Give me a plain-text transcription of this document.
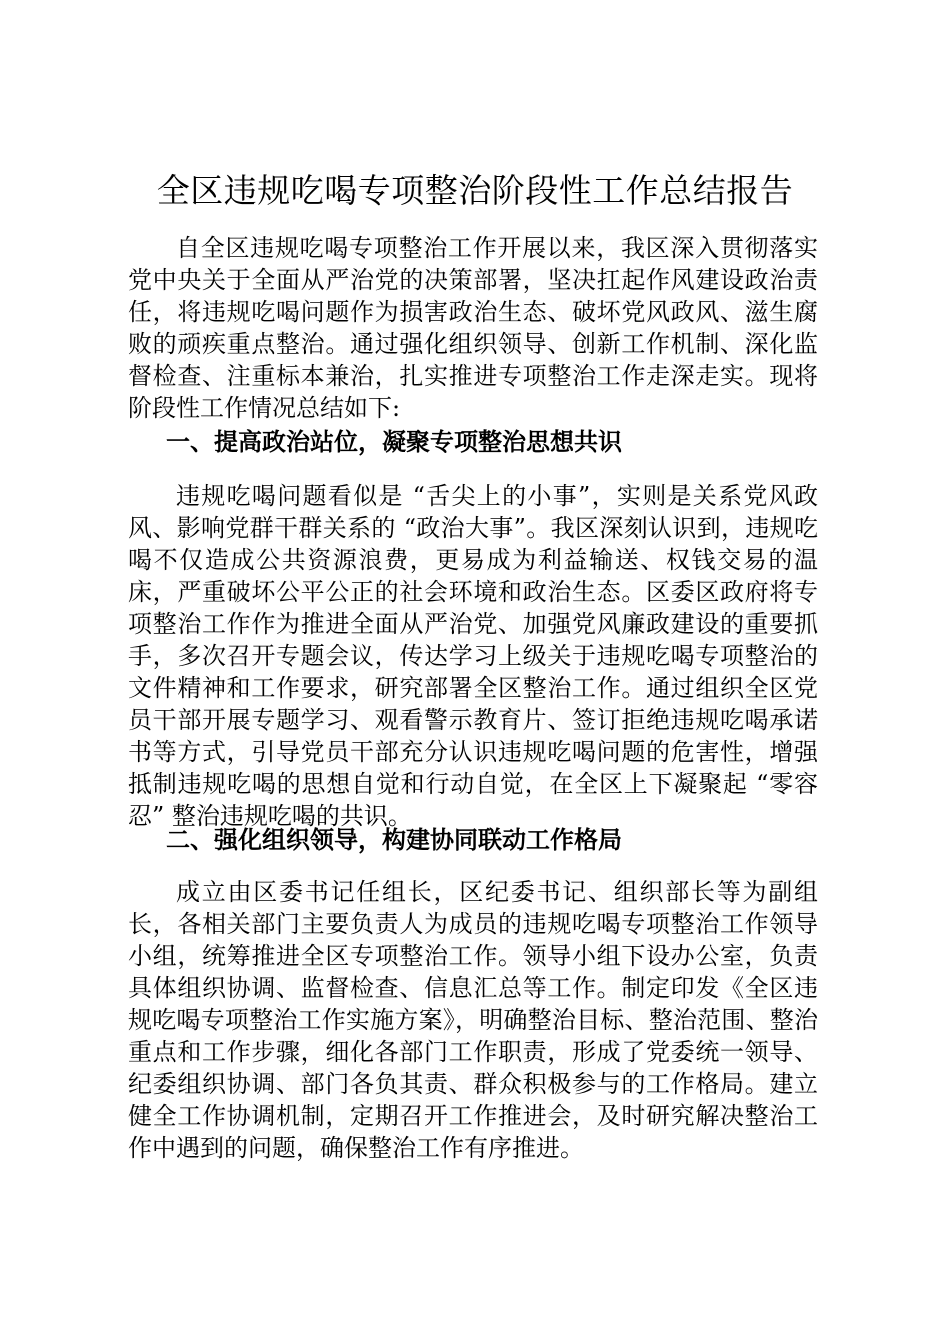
全区违规吃喝专项整治阶段性工作总结报告

自全区违规吃喝专项整治工作开展以来，我区深入贯彻落实党中央关于全面从严治党的决策部署，坚决扛起作风建设政治责任，将违规吃喝问题作为损害政治生态、破坏党风政风、滋生腐败的顽疾重点整治。通过强化组织领导、创新工作机制、深化监督检查、注重标本兼治，扎实推进专项整治工作走深走实。现将阶段性工作情况总结如下:

一、提高政治站位，凝聚专项整治思想共识

违规吃喝问题看似是 “舌尖上的小事”，实则是关系党风政风、影响党群干群关系的 “政治大事”。我区深刻认识到，违规吃喝不仅造成公共资源浪费，更易成为利益输送、权钱交易的温床，严重破坏公平公正的社会环境和政治生态。区委区政府将专项整治工作作为推进全面从严治党、加强党风廉政建设的重要抓手，多次召开专题会议，传达学习上级关于违规吃喝专项整治的文件精神和工作要求，研究部署全区整治工作。通过组织全区党员干部开展专题学习、观看警示教育片、签订拒绝违规吃喝承诺书等方式，引导党员干部充分认识违规吃喝问题的危害性，增强抵制违规吃喝的思想自觉和行动自觉，在全区上下凝聚起 “零容忍” 整治违规吃喝的共识。

二、强化组织领导，构建协同联动工作格局

成立由区委书记任组长，区纪委书记、组织部长等为副组长，各相关部门主要负责人为成员的违规吃喝专项整治工作领导小组，统筹推进全区专项整治工作。领导小组下设办公室，负责具体组织协调、监督检查、信息汇总等工作。制定印发《全区违规吃喝专项整治工作实施方案》，明确整治目标、整治范围、整治重点和工作步骤，细化各部门工作职责，形成了党委统一领导、纪委组织协调、部门各负其责、群众积极参与的工作格局。建立健全工作协调机制，定期召开工作推进会，及时研究解决整治工作中遇到的问题，确保整治工作有序推进。
